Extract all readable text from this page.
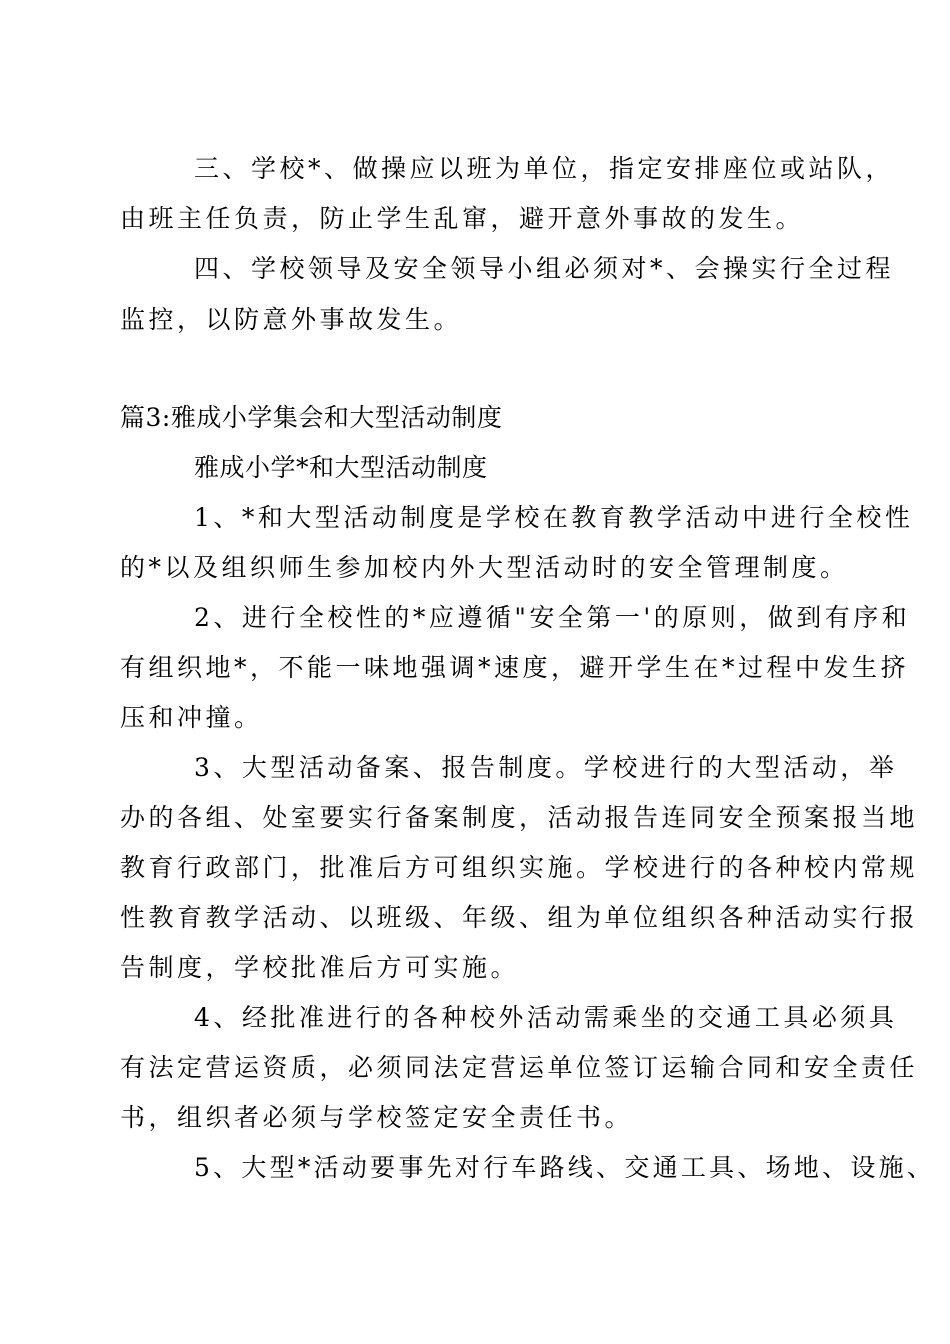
三、学校*、做操应以班为单位，指定安排座位或站队，
由班主任负责，防止学生乱窜，避开意外事故的发生。
四、学校领导及安全领导小组必须对*、会操实行全过程
监控，以防意外事故发生。
篇3:雅成小学集会和大型活动制度
雅成小学*和大型活动制度
1、*和大型活动制度是学校在教育教学活动中进行全校性
的*以及组织师生参加校内外大型活动时的安全管理制度。
2、进行全校性的*应遵循"安全第一'的原则，做到有序和
有组织地*，不能一味地强调*速度，避开学生在*过程中发生挤
压和冲撞。
3、大型活动备案、报告制度。学校进行的大型活动，举
办的各组、处室要实行备案制度，活动报告连同安全预案报当地
教育行政部门，批准后方可组织实施。学校进行的各种校内常规
性教育教学活动、以班级、年级、组为单位组织各种活动实行报
告制度，学校批准后方可实施。
4、经批准进行的各种校外活动需乘坐的交通工具必须具
有法定营运资质，必须同法定营运单位签订运输合同和安全责任
书，组织者必须与学校签定安全责任书。
5、大型*活动要事先对行车路线、交通工具、场地、设施、
